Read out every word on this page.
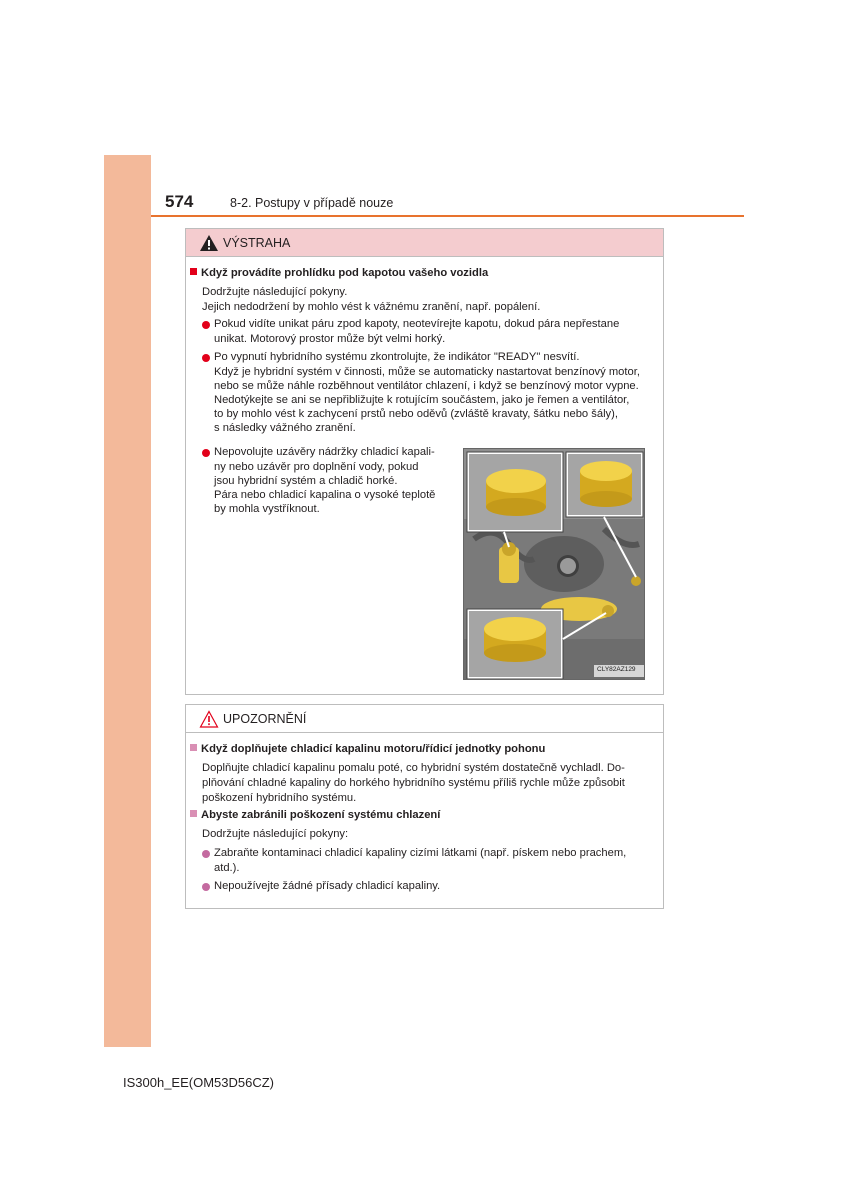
574	8-2. Postupy v případě nouze
VÝSTRAHA
Když provádíte prohlídku pod kapotou vašeho vozidla
Dodržujte následující pokyny.
Jejich nedodržení by mohlo vést k vážnému zranění, např. popálení.
Pokud vidíte unikat páru zpod kapoty, neotevírejte kapotu, dokud pára nepřestane
unikat. Motorový prostor může být velmi horký.
Po vypnutí hybridního systému zkontrolujte, že indikátor "READY" nesvítí.
Když je hybridní systém v činnosti, může se automaticky nastartovat benzínový motor,
nebo se může náhle rozběhnout ventilátor chlazení, i když se benzínový motor vypne.
Nedotýkejte se ani se nepřibližujte k rotujícím součástem, jako je řemen a ventilátor,
to by mohlo vést k zachycení prstů nebo oděvů (zvláště kravaty, šátku nebo šály),
s následky vážného zranění.
Nepovolujte uzávěry nádržky chladicí kapali-
ny nebo uzávěr pro doplnění vody, pokud
jsou hybridní systém a chladič horké.
Pára nebo chladicí kapalina o vysoké teplotě
by mohla vystříknout.
CLY82AZ129
UPOZORNĚNÍ
Když doplňujete chladicí kapalinu motoru/řídicí jednotky pohonu
Doplňujte chladicí kapalinu pomalu poté, co hybridní systém dostatečně vychladl. Do-
plňování chladné kapaliny do horkého hybridního systému příliš rychle může způsobit
poškození hybridního systému.
Abyste zabránili poškození systému chlazení
Dodržujte následující pokyny:
Zabraňte kontaminaci chladicí kapaliny cizími látkami (např. pískem nebo prachem,
atd.).
Nepoužívejte žádné přísady chladicí kapaliny.
IS300h_EE(OM53D56CZ)
